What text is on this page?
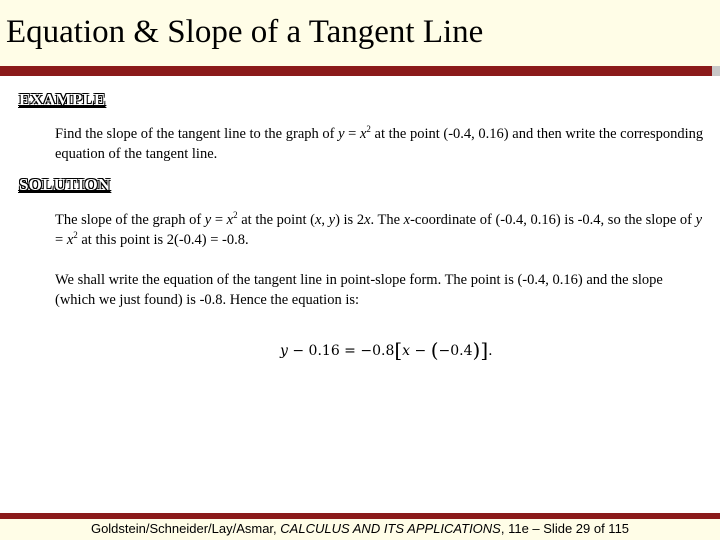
Equation & Slope of a Tangent Line
EXAMPLE
Find the slope of the tangent line to the graph of $y = x^2$ at the point (-0.4, 0.16) and then write the corresponding equation of the tangent line.
SOLUTION
The slope of the graph of $y = x^2$ at the point (x, y) is 2x. The x-coordinate of (-0.4, 0.16) is -0.4, so the slope of $y = x^2$ at this point is 2(-0.4) = -0.8.
We shall write the equation of the tangent line in point-slope form. The point is (-0.4, 0.16) and the slope (which we just found) is -0.8. Hence the equation is:
y − 0.16 = −0.8[x − (−0.4)].
Goldstein/Schneider/Lay/Asmar, CALCULUS AND ITS APPLICATIONS, 11e – Slide 29 of 115
